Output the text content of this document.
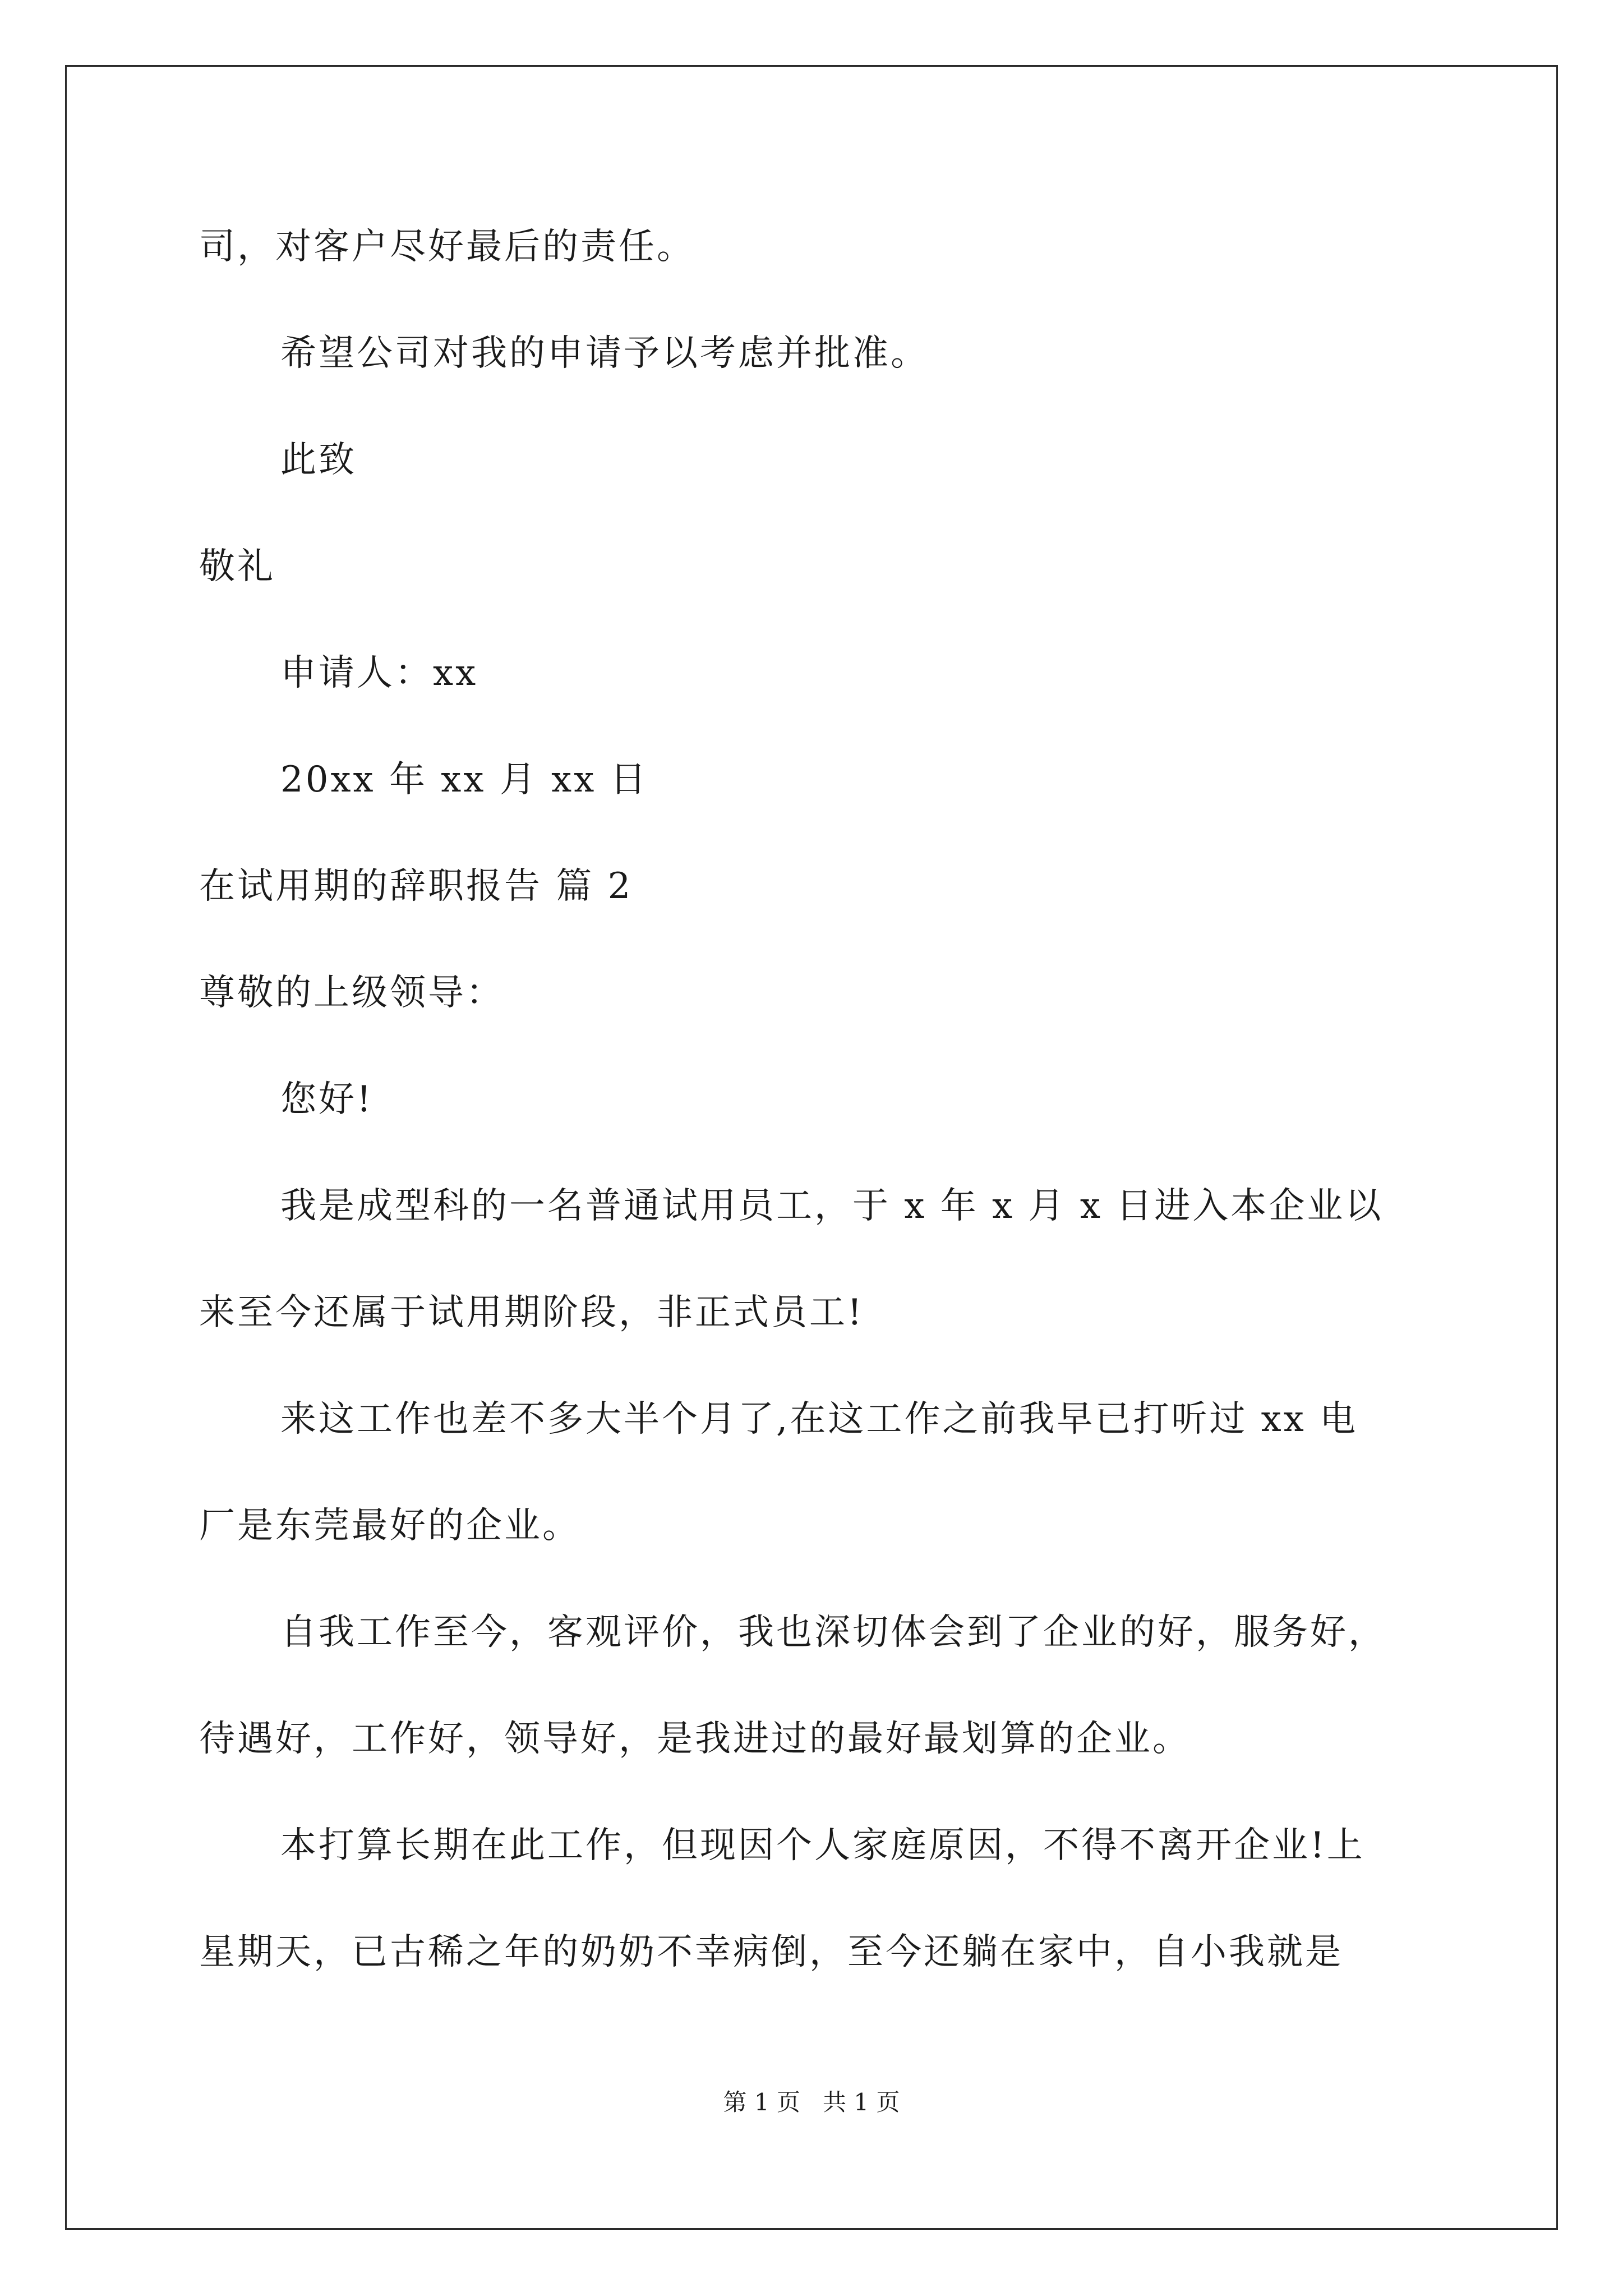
司，对客户尽好最后的责任。
希望公司对我的申请予以考虑并批准。
此致
敬礼
申请人：xx
20xx 年 xx 月 xx 日
在试用期的辞职报告 篇 2
尊敬的上级领导：
您好!
我是成型科的一名普通试用员工，于 x 年 x 月 x 日进入本企业以
来至今还属于试用期阶段，非正式员工!
来这工作也差不多大半个月了,在这工作之前我早已打听过 xx 电
厂是东莞最好的企业。
自我工作至今，客观评价，我也深切体会到了企业的好，服务好，
待遇好，工作好，领导好，是我进过的最好最划算的企业。
本打算长期在此工作，但现因个人家庭原因，不得不离开企业!上
星期天，已古稀之年的奶奶不幸病倒，至今还躺在家中，自小我就是
第 1 页   共 1 页
